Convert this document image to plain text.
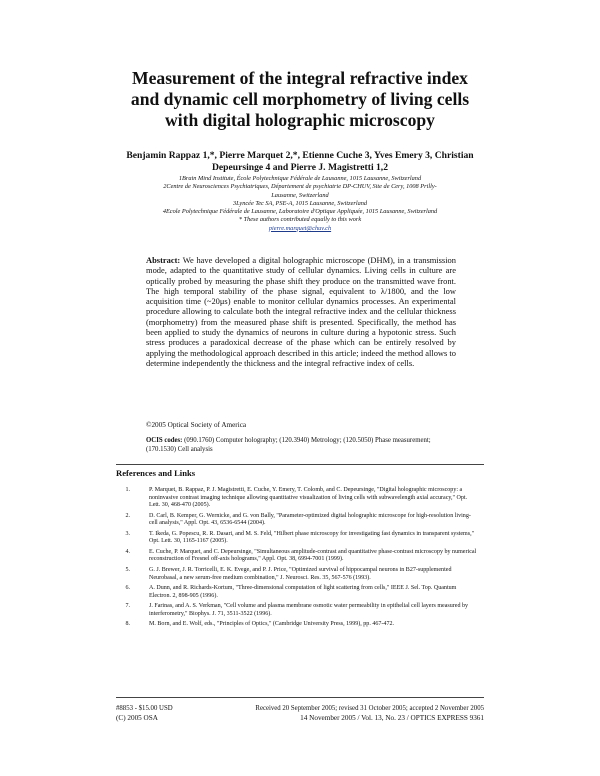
Measurement of the integral refractive index
and dynamic cell morphometry of living cells
with digital holographic microscopy
Benjamin Rappaz 1,*, Pierre Marquet 2,*, Etienne Cuche 3, Yves Emery 3, Christian
Depeursinge 4 and Pierre J. Magistretti 1,2
1Brain Mind Institute, École Polytechnique Fédérale de Lausanne, 1015 Lausanne, Switzerland
2Centre de Neurosciences Psychiatriques, Département de psychiatrie DP-CHUV, Site de Cery, 1008 Prilly-
Lausanne, Switzerland
3Lyncée Tec SA, PSE-A, 1015 Lausanne, Switzerland
4Ecole Polytechnique Fédérale de Lausanne, Laboratoire d'Optique Appliquée, 1015 Lausanne, Switzerland
* These authors contributed equally to this work
pierre.marquet@chuv.ch
Abstract: We have developed a digital holographic microscope (DHM), in a transmission mode, adapted to the quantitative study of cellular dynamics. Living cells in culture are optically probed by measuring the phase shift they produce on the transmitted wave front. The high temporal stability of the phase signal, equivalent to λ/1800, and the low acquisition time (~20μs) enable to monitor cellular dynamics processes. An experimental procedure allowing to calculate both the integral refractive index and the cellular thickness (morphometry) from the measured phase shift is presented. Specifically, the method has been applied to study the dynamics of neurons in culture during a hypotonic stress. Such stress produces a paradoxical decrease of the phase which can be entirely resolved by applying the methodological approach described in this article; indeed the method allows to determine independently the thickness and the integral refractive index of cells.
©2005 Optical Society of America
OCIS codes: (090.1760) Computer holography; (120.3940) Metrology; (120.5050) Phase measurement; (170.1530) Cell analysis
References and Links
1.	P. Marquet, B. Rappaz, P. J. Magistretti, E. Cuche, Y. Emery, T. Colomb, and C. Depeursinge, "Digital holographic microscopy: a noninvasive contrast imaging technique allowing quantitative visualization of living cells with subwavelength axial accuracy," Opt. Lett. 30, 468-470 (2005).
2.	D. Carl, B. Kemper, G. Wernicke, and G. von Bally, "Parameter-optimized digital holographic microscope for high-resolution living-cell analysis," Appl. Opt. 43, 6536-6544 (2004).
3.	T. Ikeda, G. Popescu, R. R. Dasari, and M. S. Feld, "Hilbert phase microscopy for investigating fast dynamics in transparent systems," Opt. Lett. 30, 1165-1167 (2005).
4.	E. Cuche, P. Marquet, and C. Depeursinge, "Simultaneous amplitude-contrast and quantitative phase-contrast microscopy by numerical reconstruction of Fresnel off-axis holograms," Appl. Opt. 38, 6994-7001 (1999).
5.	G. J. Brewer, J. R. Torricelli, E. K. Evege, and P. J. Price, "Optimized survival of hippocampal neurons in B27-supplemented Neurobasal, a new serum-free medium combination," J. Neurosci. Res. 35, 567-576 (1993).
6.	A. Dunn, and R. Richards-Kortum, "Three-dimensional computation of light scattering from cells," IEEE J. Sel. Top. Quantum Electron. 2, 898-905 (1996).
7.	J. Farinas, and A. S. Verkman, "Cell volume and plasma membrane osmotic water permeability in epithelial cell layers measured by interferometry," Biophys. J. 71, 3511-3522 (1996).
8.	M. Born, and E. Wolf, eds., "Principles of Optics," (Cambridge University Press, 1999), pp. 467-472.
#8853 - $15.00 USD	Received 20 September 2005; revised 31 October 2005; accepted 2 November 2005
(C) 2005 OSA	14 November 2005 / Vol. 13, No. 23 / OPTICS EXPRESS 9361
